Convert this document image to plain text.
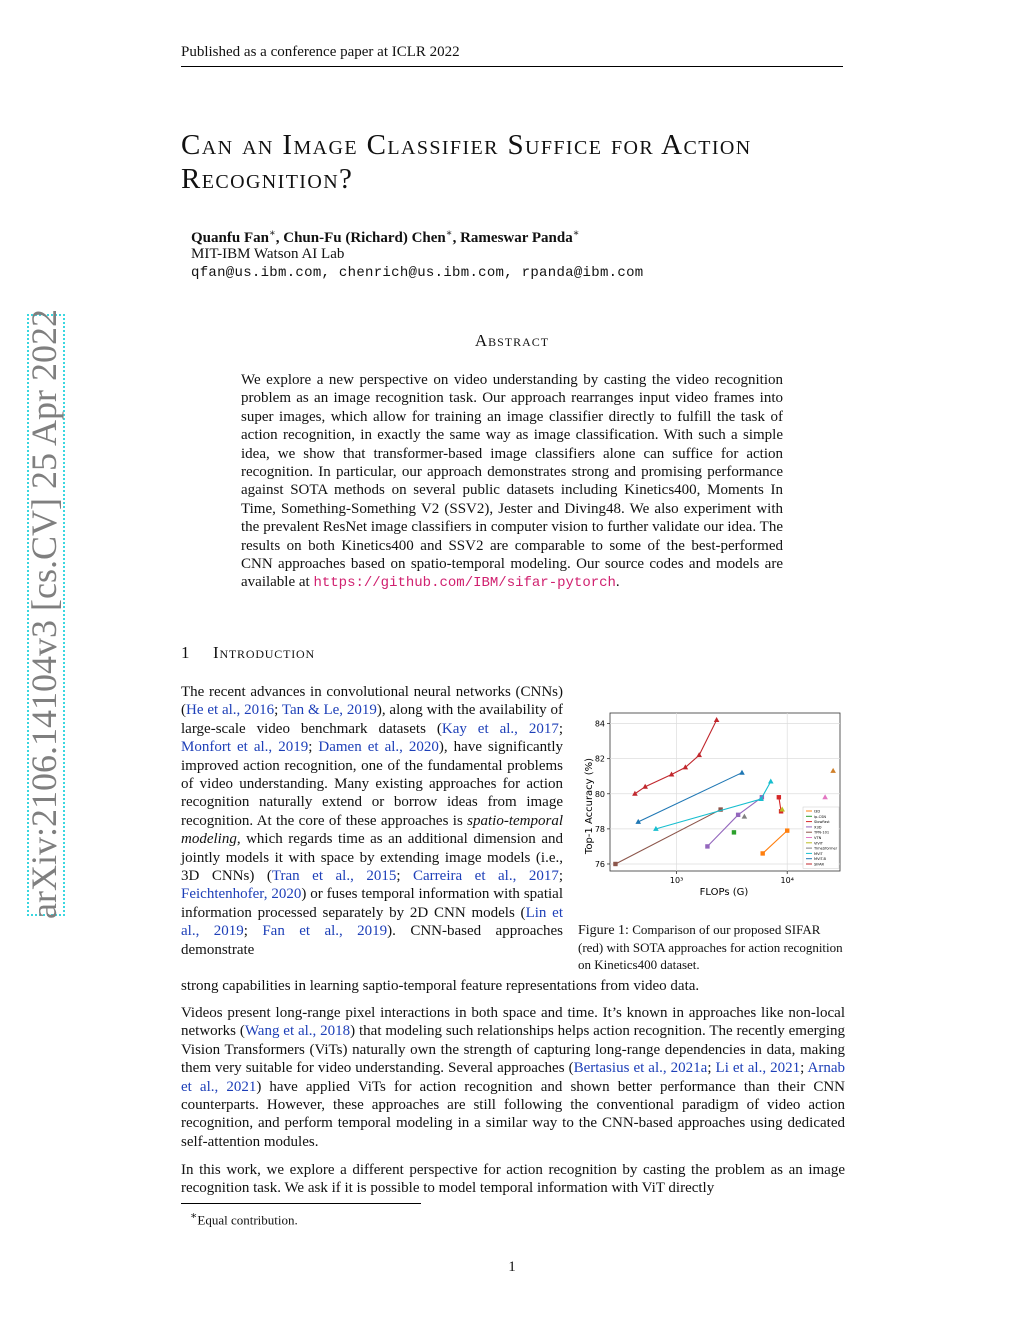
Published as a conference paper at ICLR 2022
arXiv:2106.14104v3 [cs.CV] 25 Apr 2022
Can an Image Classifier Suffice for Action Recognition?
Quanfu Fan∗, Chun-Fu (Richard) Chen∗, Rameswar Panda∗
MIT-IBM Watson AI Lab
qfan@us.ibm.com, chenrich@us.ibm.com, rpanda@ibm.com
Abstract
We explore a new perspective on video understanding by casting the video recognition problem as an image recognition task. Our approach rearranges input video frames into super images, which allow for training an image classifier directly to fulfill the task of action recognition, in exactly the same way as image classification. With such a simple idea, we show that transformer-based image classifiers alone can suffice for action recognition. In particular, our approach demonstrates strong and promising performance against SOTA methods on several public datasets including Kinetics400, Moments In Time, Something-Something V2 (SSV2), Jester and Diving48. We also experiment with the prevalent ResNet image classifiers in computer vision to further validate our idea. The results on both Kinetics400 and SSV2 are comparable to some of the best-performed CNN approaches based on spatio-temporal modeling. Our source codes and models are available at https://github.com/IBM/sifar-pytorch.
1 Introduction
The recent advances in convolutional neural networks (CNNs) (He et al., 2016; Tan & Le, 2019), along with the availability of large-scale video benchmark datasets (Kay et al., 2017; Monfort et al., 2019; Damen et al., 2020), have significantly improved action recognition, one of the fundamental problems of video understanding. Many existing approaches for action recognition naturally extend or borrow ideas from image recognition. At the core of these approaches is spatio-temporal modeling, which regards time as an additional dimension and jointly models it with space by extending image models (i.e., 3D CNNs) (Tran et al., 2015; Carreira et al., 2017; Feichtenhofer, 2020) or fuses temporal information with spatial information processed separately by 2D CNN models (Lin et al., 2019; Fan et al., 2019). CNN-based approaches demonstrate
strong capabilities in learning saptio-temporal feature representations from video data.
Videos present long-range pixel interactions in both space and time. It’s known in approaches like non-local networks (Wang et al., 2018) that modeling such relationships helps action recognition. The recently emerging Vision Transformers (ViTs) naturally own the strength of capturing long-range dependencies in data, making them very suitable for video understanding. Several approaches (Bertasius et al., 2021a; Li et al., 2021; Arnab et al., 2021) have applied ViTs for action recognition and shown better performance than their CNN counterparts. However, these approaches are still following the conventional paradigm of video action recognition, and perform temporal modeling in a similar way to the CNN-based approaches using dedicated self-attention modules.
In this work, we explore a different perspective for action recognition by casting the problem as an image recognition task. We ask if it is possible to model temporal information with ViT directly
76
78
80
82
84
10³	10⁴
I3D
ip-CSN
SlowFast
X3D
TPN-101
VTN
ViViT
TimeSformer
MViT
MViT-B
SIFAR
FLOPs (G)
Top-1 Accuracy (%)
Figure 1: Comparison of our proposed SIFAR (red) with SOTA approaches for action recognition on Kinetics400 dataset.
∗Equal contribution.
1
